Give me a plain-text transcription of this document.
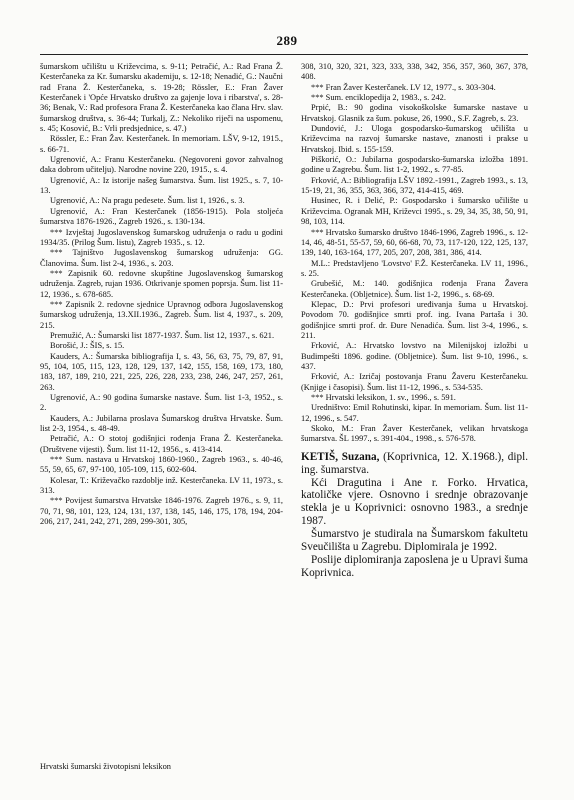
289

šumarskom učilištu u Križevcima, s. 9-11; Petračić, A.: Rad Frana Ž. Kesterčaneka za Kr. šumarsku akademiju, s. 12-18; Nenadić, G.: Naučni rad Frana Ž. Kesterčaneka, s. 19-28; Rössler, E.: Fran Žaver Kesterčanek i 'Opće Hrvatsko društvo za gajenje lova i ribarstva', s. 28-36; Benak, V.: Rad profesora Frana Ž. Kesterčaneka kao člana Hrv. slav. šumarskog društva, s. 36-44; Turkalj, Z.: Nekoliko riječi na uspomenu, s. 45; Kosović, B.: Vrli predsjednice, s. 47.)

Rössler, E.: Fran Žav. Kesterčanek. In memoriam. LŠV, 9-12, 1915., s. 66-71.

Ugrenović, A.: Franu Kesterčaneku. (Negovoreni govor zahvalnog đaka dobrom učitelju). Narodne novine 220, 1915., s. 4.

Ugrenović, A.: Iz istorije našeg šumarstva. Šum. list 1925., s. 7, 10-13.

Ugrenović, A.: Na pragu pedesete. Šum. list 1, 1926., s. 3.

Ugrenović, A.: Fran Kesterčanek (1856-1915). Pola stoljeća šumarstva 1876-1926., Zagreb 1926., s. 130-134.

*** Izvještaj Jugoslavenskog šumarskog udruženja o radu u godini 1934/35. (Prilog Šum. listu), Zagreb 1935., s. 12.

*** Tajništvo Jugoslavenskog šumarskog udruženja: GG. Članovima. Šum. list 2-4, 1936., s. 203.

*** Zapisnik 60. redovne skupštine Jugoslavenskog šumarskog udruženja. Zagreb, rujan 1936. Otkrivanje spomen poprsja. Šum. list 11-12, 1936., s. 678-685.

*** Zapisnik 2. redovne sjednice Upravnog odbora Jugoslavenskog šumarskog udruženja, 13.XII.1936., Zagreb. Šum. list 4, 1937., s. 209, 215.

Premužić, A.: Šumarski list 1877-1937. Šum. list 12, 1937., s. 621.

Borošić, J.: ŠIS, s. 15.

Kauders, A.: Šumarska bibliografija I, s. 43, 56, 63, 75, 79, 87, 91, 95, 104, 105, 115, 123, 128, 129, 137, 142, 155, 158, 169, 173, 180, 183, 187, 189, 210, 221, 225, 226, 228, 233, 238, 246, 247, 257, 261, 263.

Ugrenović, A.: 90 godina šumarske nastave. Šum. list 1-3, 1952., s. 2.

Kauders, A.: Jubilarna proslava Šumarskog društva Hrvatske. Šum. list 2-3, 1954., s. 48-49.

Petračić, A.: O stotoj godišnjici rođenja Frana Ž. Kesterčaneka. (Društvene vijesti). Šum. list 11-12, 1956., s. 413-414.

*** Sum. nastava u Hrvatskoj 1860-1960., Zagreb 1963., s. 40-46, 55, 59, 65, 67, 97-100, 105-109, 115, 602-604.

Kolesar, T.: Križevačko razdoblje inž. Kesterčaneka. LV 11, 1973., s. 313.

*** Povijest šumarstva Hrvatske 1846-1976. Zagreb 1976., s. 9, 11, 70, 71, 98, 101, 123, 124, 131, 137, 138, 145, 146, 175, 178, 194, 204-206, 217, 241, 242, 271, 289, 299-301, 305,

308, 310, 320, 321, 323, 333, 338, 342, 356, 357, 360, 367, 378, 408.

*** Fran Žaver Kesterčanek. LV 12, 1977., s. 303-304.

*** Sum. enciklopedija 2, 1983., s. 242.

Prpić, B.: 90 godina visokoškolske šumarske nastave u Hrvatskoj. Glasnik za šum. pokuse, 26, 1990., S.F. Zagreb, s. 23.

Dundović, J.: Uloga gospodarsko-šumarskog učilišta u Križevcima na razvoj šumarske nastave, znanosti i prakse u Hrvatskoj. Ibid. s. 155-159.

Piškorić, O.: Jubilarna gospodarsko-šumarska izložba 1891. godine u Zagrebu. Šum. list 1-2, 1992., s. 77-85.

Frković, A.: Bibliografija LŠV 1892.-1991., Zagreb 1993., s. 13, 15-19, 21, 36, 355, 363, 366, 372, 414-415, 469.

Husinec, R. i Delić, P.: Gospodarsko i šumarsko učilište u Križevcima. Ogranak MH, Križevci 1995., s. 29, 34, 35, 38, 50, 91, 98, 103, 114.

*** Hrvatsko šumarsko društvo 1846-1996, Zagreb 1996., s. 12-14, 46, 48-51, 55-57, 59, 60, 66-68, 70, 73, 117-120, 122, 125, 137, 139, 140, 163-164, 177, 205, 207, 208, 381, 386, 414.

M.L.: Predstavljeno 'Lovstvo' F.Ž. Kesterčaneka. LV 11, 1996., s. 25.

Grubešić, M.: 140. godišnjica rođenja Frana Žavera Kesterčaneka. (Obljetnice). Šum. list 1-2, 1996., s. 68-69.

Klepac, D.: Prvi profesori uređivanja šuma u Hrvatskoj. Povodom 70. godišnjice smrti prof. ing. Ivana Partaša i 30. godišnjice smrti prof. dr. Đure Nenadića. Šum. list 3-4, 1996., s. 211.

Frković, A.: Hrvatsko lovstvo na Milenijskoj izložbi u Budimpešti 1896. godine. (Obljetnice). Šum. list 9-10, 1996., s. 437.

Frković, A.: Izričaj postovanja Franu Žaveru Kesterčaneku. (Knjige i časopisi). Šum. list 11-12, 1996., s. 534-535.

*** Hrvatski leksikon, 1. sv., 1996., s. 591.

Uredništvo: Emil Rohutinski, kipar. In memoriam. Šum. list 11-12, 1996., s. 547.

Skoko, M.: Fran Žaver Kesterčanek, velikan hrvatskoga šumarstva. ŠL 1997., s. 391-404., 1998., s. 576-578.

KETIŠ, Suzana, (Koprivnica, 12. X.1968.), dipl. ing. šumarstva.

Kći Dragutina i Ane r. Forko. Hrvatica, katoličke vjere. Osnovno i srednje obrazovanje stekla je u Koprivnici: osnovno 1983., a srednje 1987.

Šumarstvo je studirala na Šumarskom fakultetu Sveučilišta u Zagrebu. Diplomirala je 1992.

Poslije diplomiranja zaposlena je u Upravi šuma Koprivnica.

Hrvatski šumarski životopisni leksikon
